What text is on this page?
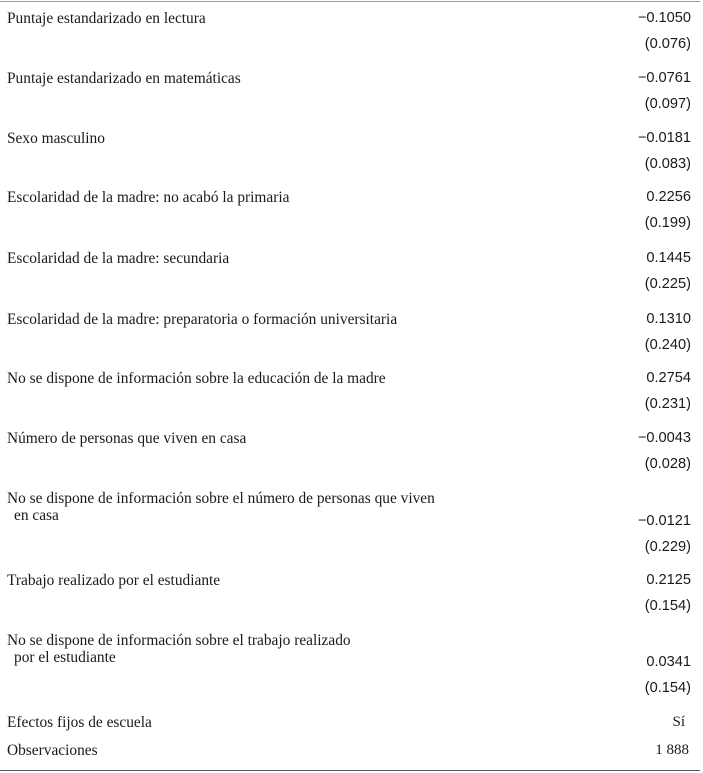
Puntaje estandarizado en lectura	−0.1050
(0.076)
Puntaje estandarizado en matemáticas	−0.0761
(0.097)
Sexo masculino	−0.0181
(0.083)
Escolaridad de la madre: no acabó la primaria	0.2256
(0.199)
Escolaridad de la madre: secundaria	0.1445
(0.225)
Escolaridad de la madre: preparatoria o formación universitaria	0.1310
(0.240)
No se dispone de información sobre la educación de la madre	0.2754
(0.231)
Número de personas que viven en casa	−0.0043
(0.028)
No se dispone de información sobre el número de personas que viven
en casa	−0.0121
(0.229)
Trabajo realizado por el estudiante	0.2125
(0.154)
No se dispone de información sobre el trabajo realizado
por el estudiante	0.0341
(0.154)
Efectos fijos de escuela	Sí
Observaciones	1 888
